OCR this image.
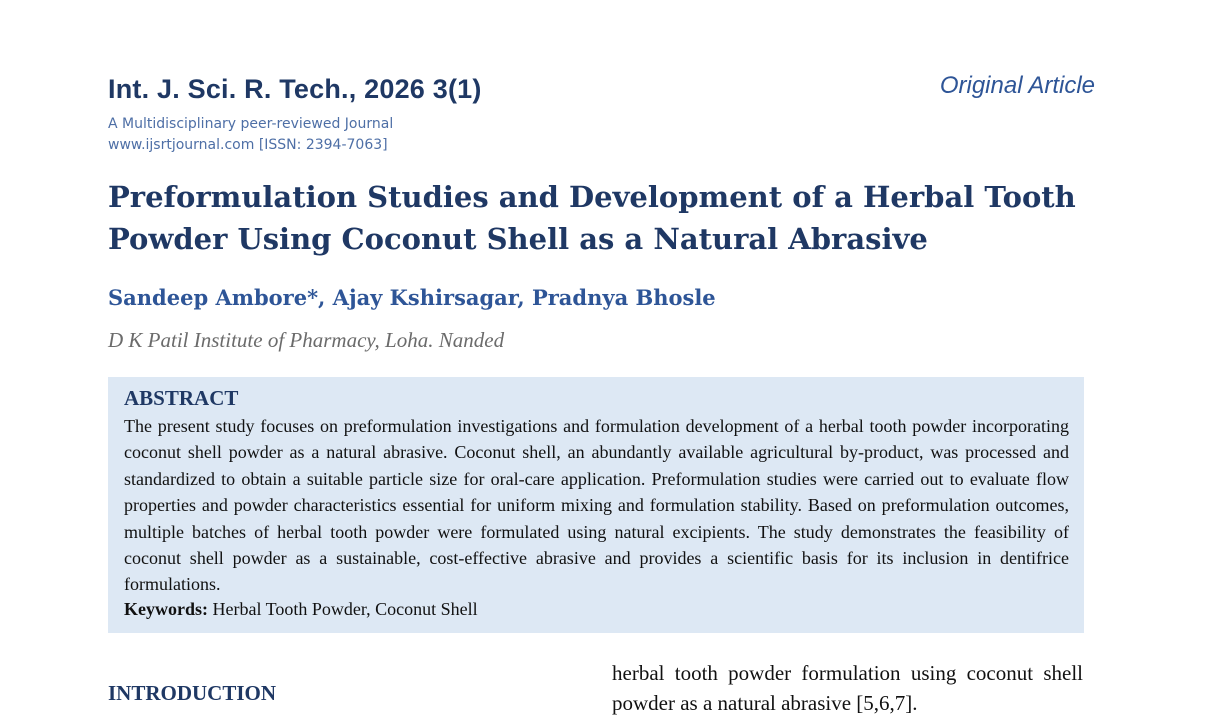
Int. J. Sci. R. Tech., 2026 3(1)
A Multidisciplinary peer-reviewed Journal
www.ijsrtjournal.com [ISSN: 2394-7063]
Original Article
Preformulation Studies and Development of a Herbal Tooth Powder Using Coconut Shell as a Natural Abrasive
Sandeep Ambore*, Ajay Kshirsagar, Pradnya Bhosle
D K Patil Institute of Pharmacy, Loha. Nanded
ABSTRACT

The present study focuses on preformulation investigations and formulation development of a herbal tooth powder incorporating coconut shell powder as a natural abrasive. Coconut shell, an abundantly available agricultural by-product, was processed and standardized to obtain a suitable particle size for oral-care application. Preformulation studies were carried out to evaluate flow properties and powder characteristics essential for uniform mixing and formulation stability. Based on preformulation outcomes, multiple batches of herbal tooth powder were formulated using natural excipients. The study demonstrates the feasibility of coconut shell powder as a sustainable, cost-effective abrasive and provides a scientific basis for its inclusion in dentifrice formulations.

Keywords: Herbal Tooth Powder, Coconut Shell

herbal tooth powder formulation using coconut shell powder as a natural abrasive [5,6,7].

INTRODUCTION
